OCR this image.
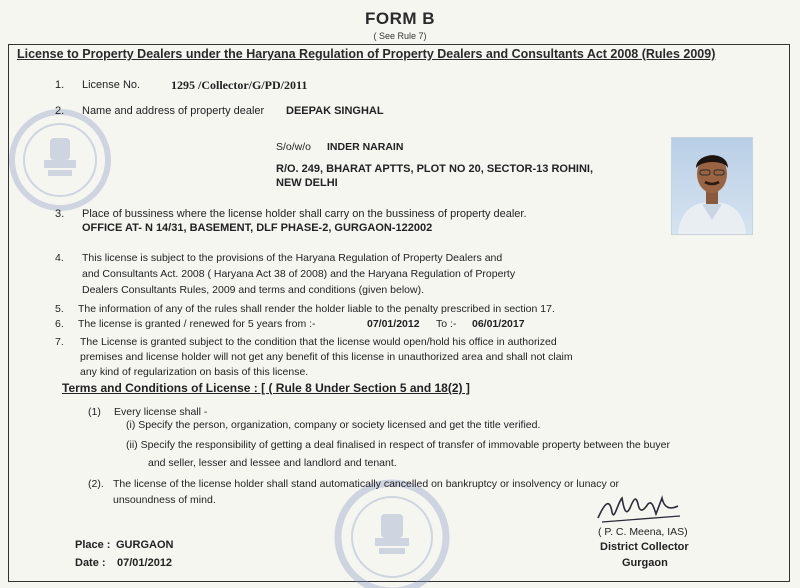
FORM B
( See Rule 7)
License to Property Dealers under the Haryana Regulation of Property Dealers and Consultants Act 2008 (Rules 2009)
1. License No.	1295 /Collector/G/PD/2011
2. Name and address of property dealer DEEPAK SINGHAL
S/o/w/o INDER NARAIN
R/O. 249, BHARAT APTTS, PLOT NO 20, SECTOR-13 ROHINI,
NEW DELHI
3. Place of bussiness where the license holder shall carry on the bussiness of property dealer.
OFFICE AT- N 14/31, BASEMENT, DLF PHASE-2, GURGAON-122002
4. This license is subject to the provisions of the Haryana Regulation of Property Dealers and
and Consultants Act. 2008 ( Haryana Act 38 of 2008) and the Haryana Regulation of Property
Dealers Consultants Rules, 2009 and terms and conditions (given below).
5. The information of any of the rules shall render the holder liable to the penalty prescribed in section 17.
6. The license is granted / renewed for 5 years from :-	07/01/2012 To :- 06/01/2017
7. The License is granted subject to the condition that the license would open/hold his office in authorized
premises and license holder will not get any benefit of this license in unauthorized area and shall not claim
any kind of regularization on basis of this license.
Terms and Conditions of License : [ ( Rule 8 Under Section 5 and 18(2) ]
(1) Every license shall -
(i) Specify the person, organization, company or society licensed and get the title verified.
(ii) Specify the responsibility of getting a deal finalised in respect of transfer of immovable property between the buyer
and seller, lesser and lessee and landlord and tenant.
(2). The license of the license holder shall stand automatically cancelled on bankruptcy or insolvency or lunacy or
unsoundness of mind.
Place : GURGAON
Date : 07/01/2012
( P. C. Meena, IAS)
District Collector
Gurgaon
